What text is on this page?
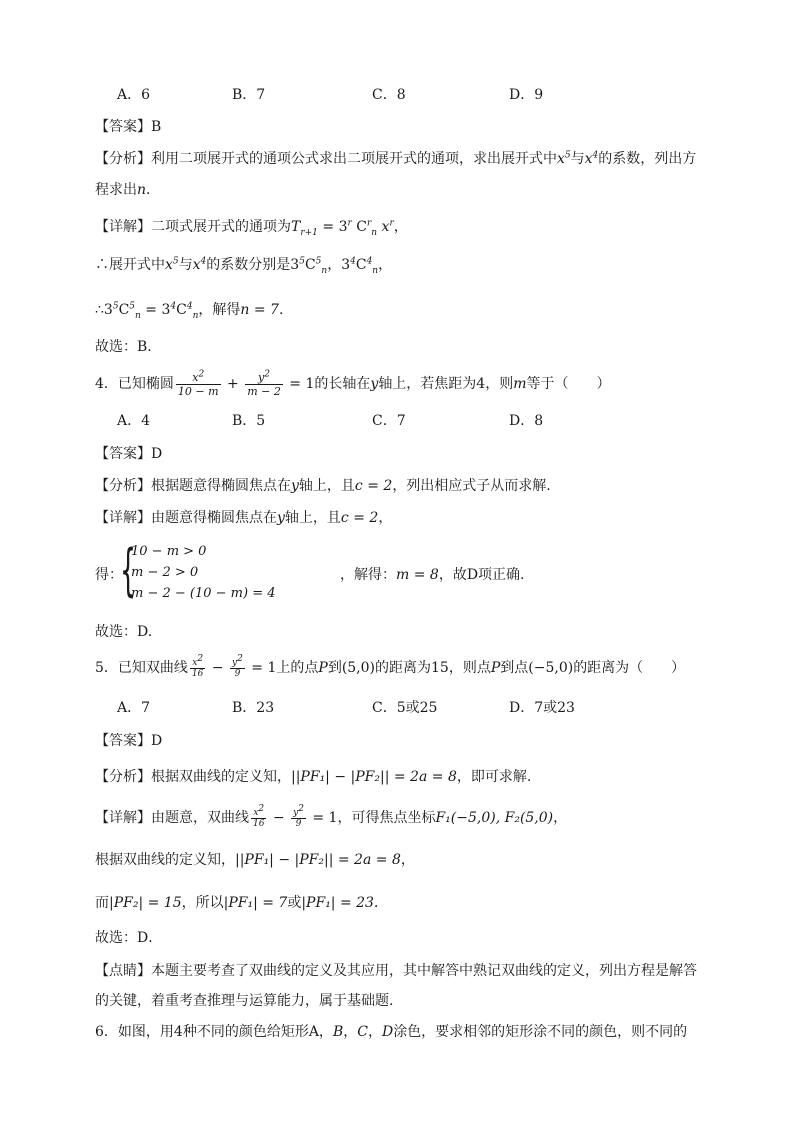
A．6	B．7	C．8	D．9
【答案】B
【分析】利用二项展开式的通项公式求出二项展开式的通项，求出展开式中$x^5$与$x^4$的系数，列出方
程求出n．
【详解】二项式展开式的通项为$T_{r+1} = 3^r$ $C^r_n$ $x^r$，
∴展开式中$x^5$与$x^4$的系数分别是$3^5C^5_n$，$3^4C^4_n$，
$\therefore 3^5C^5_n = 3^4C^4_n$，解得n = 7.
故选：B.
4．已知椭圆 $\frac{x^2}{10 - m} + \frac{y^2}{m - 2} = 1$的长轴在y轴上，若焦距为4，则m等于（　　）
A．4	B．5	C．7	D．8
【答案】D
【分析】根据题意得椭圆焦点在y轴上，且c = 2，列出相应式子从而求解.
【详解】由题意得椭圆焦点在y轴上，且c = 2，
得：
{
10 − m > 0
m − 2 > 0
m − 2 − (10 − m) = 4
，解得：m = 8，故D项正确.
故选：D.
5．已知双曲线 $\frac{x^2}{16} - \frac{y^2}{9} = 1$上的点P到(5,0)的距离为15，则点P到点(−5,0)的距离为（　　）
A．7	B．23	C．5或25	D．7或23
【答案】D
【分析】根据双曲线的定义知，||PF₁| − |PF₂|| = 2a = 8，即可求解.
【详解】由题意，双曲线 $\frac{x^2}{16} - \frac{y^2}{9} = 1$，可得焦点坐标F₁(−5,0), F₂(5,0)，
根据双曲线的定义知，||PF₁| − |PF₂|| = 2a = 8，
而|PF₂| = 15，所以|PF₁| = 7或|PF₁| = 23．
故选：D．
【点睛】本题主要考查了双曲线的定义及其应用，其中解答中熟记双曲线的定义，列出方程是解答
的关键，着重考查推理与运算能力，属于基础题.
6．如图，用4种不同的颜色给矩形A，B，C，D涂色，要求相邻的矩形涂不同的颜色，则不同的
